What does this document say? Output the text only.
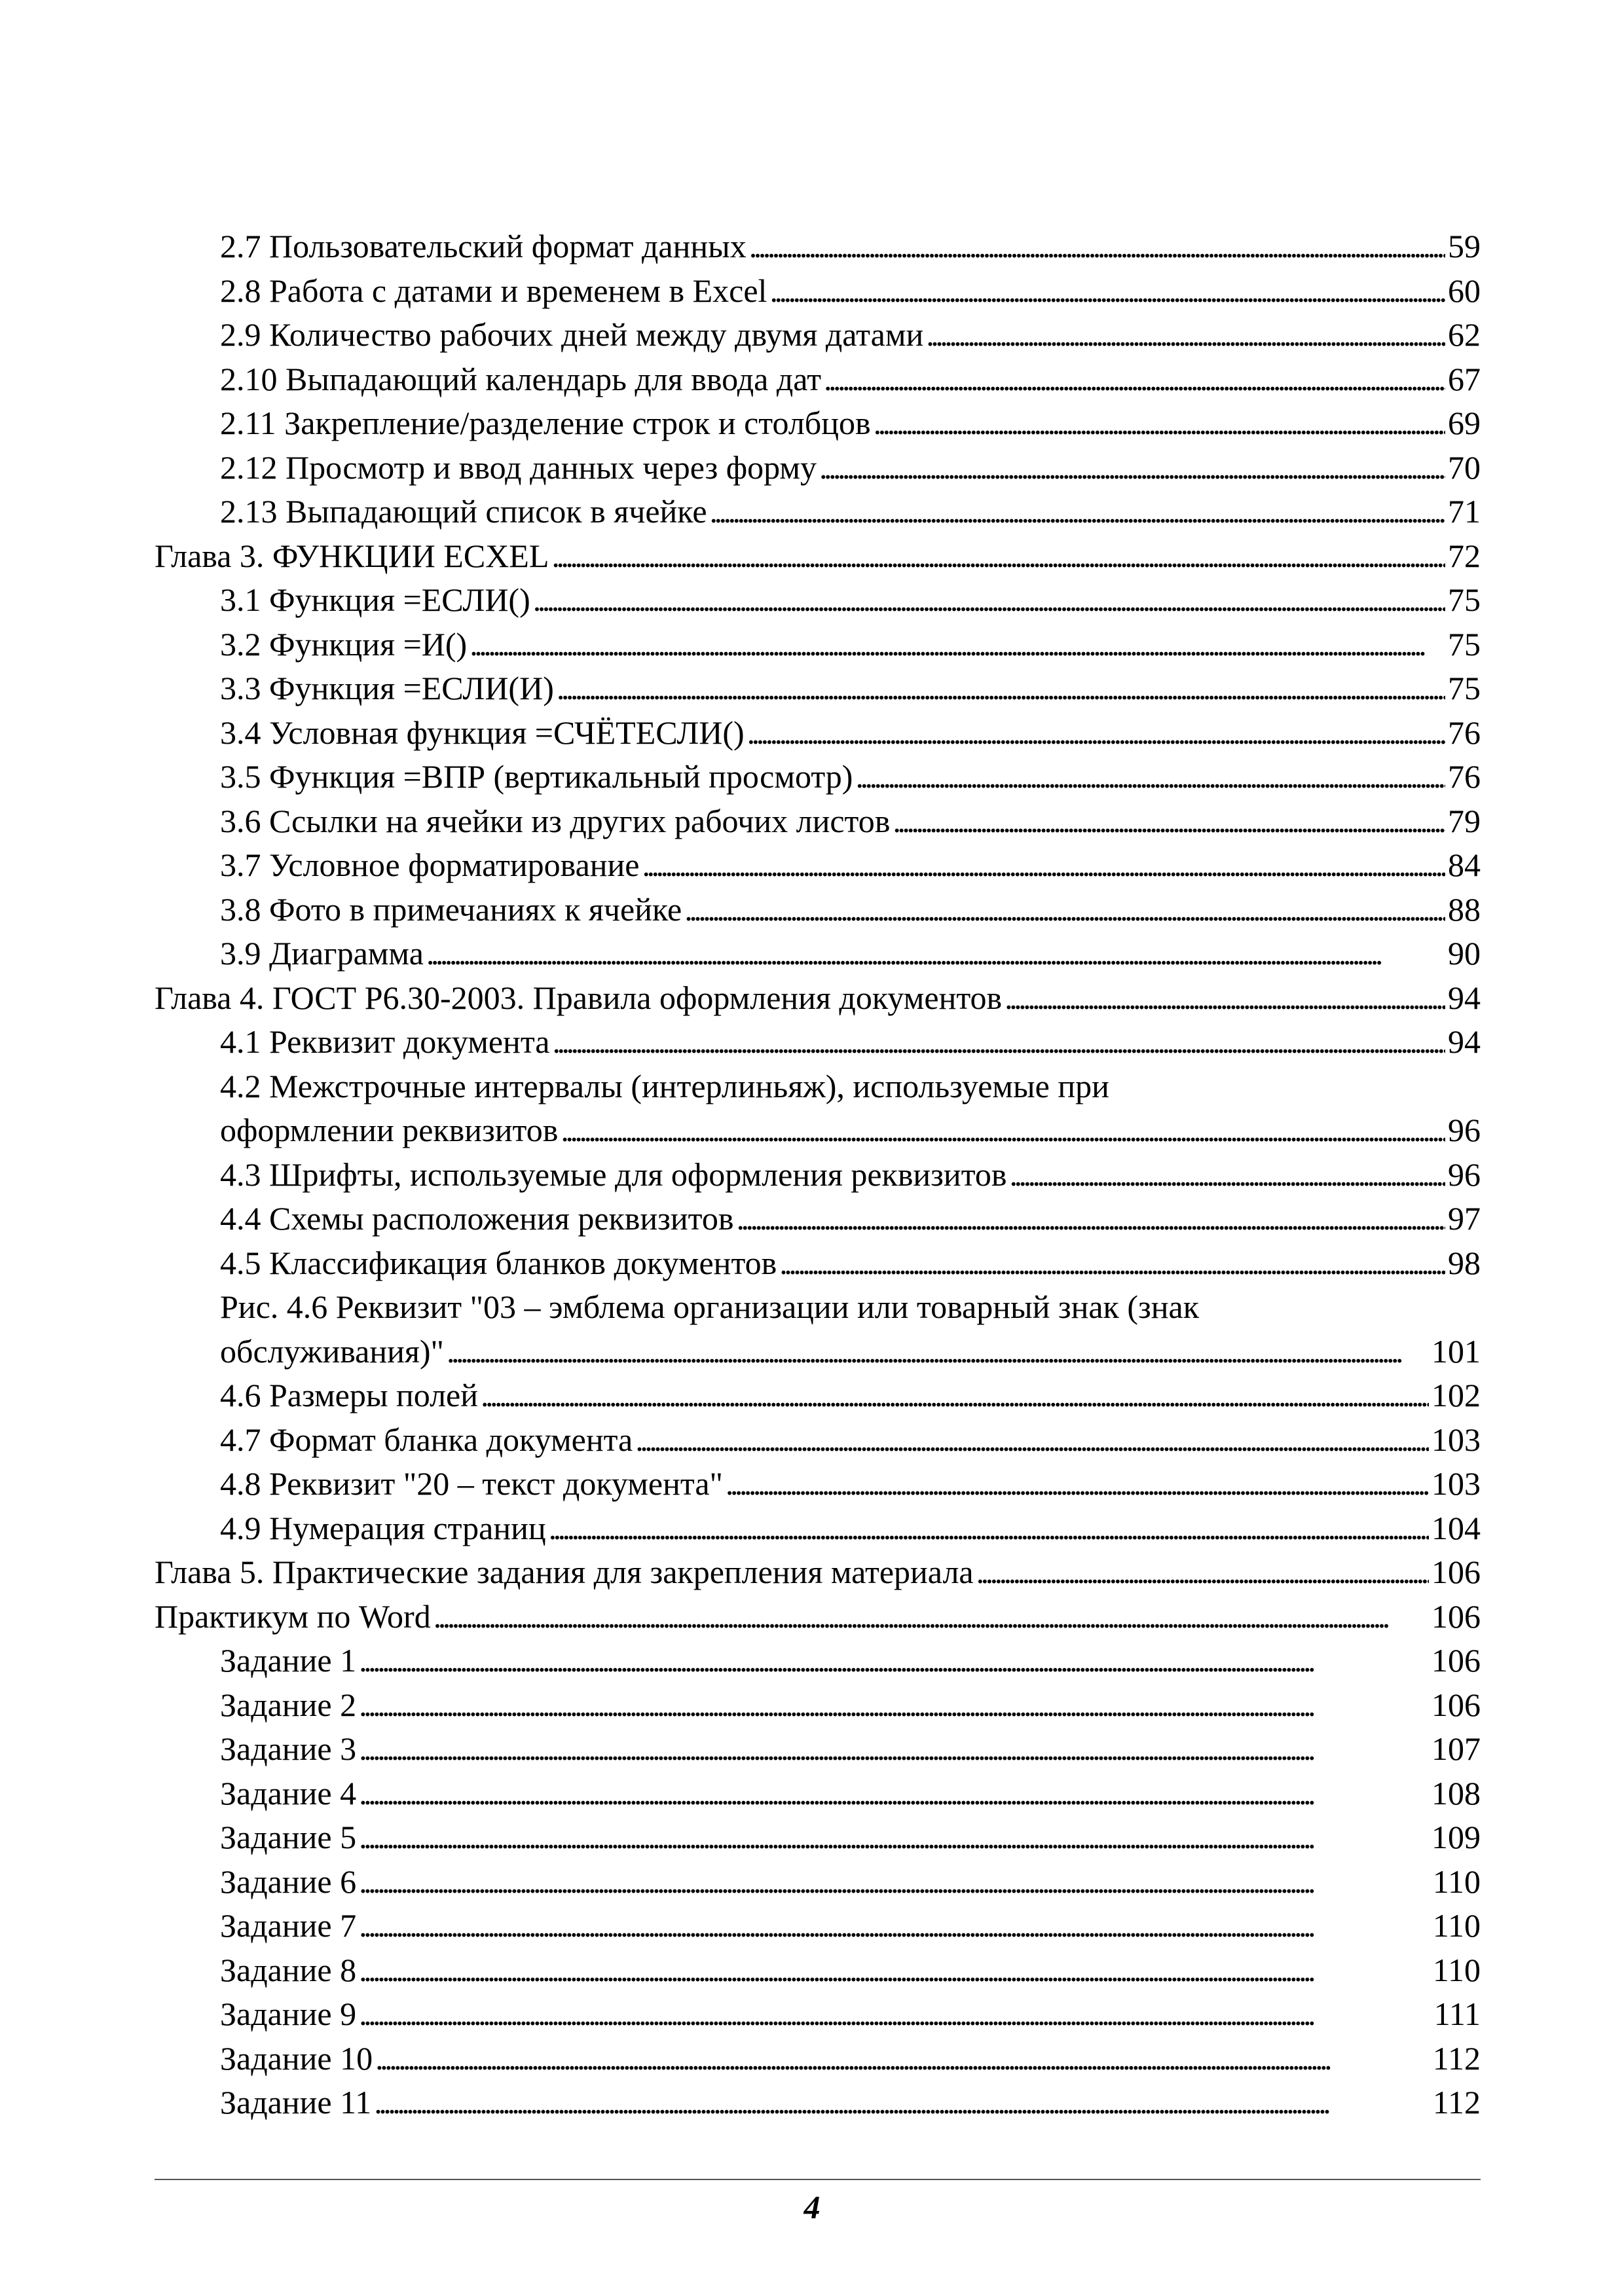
2.7 Пользовательский формат данных . . .	59
2.8 Работа с датами и временем в Excel . . .	60
2.9 Количество рабочих дней между двумя датами . . .	62
2.10 Выпадающий календарь для ввода дат . . .	67
2.11 Закрепление/разделение строк и столбцов . . .	69
2.12 Просмотр и ввод данных через форму . . .	70
2.13 Выпадающий список в ячейке . . .	71
Глава 3. ФУНКЦИИ ECXEL . . .	72
3.1 Функция =ЕСЛИ() . . .	75
3.2 Функция =И() . . .	75
3.3 Функция =ЕСЛИ(И) . . .	75
3.4 Условная функция =СЧЁТЕСЛИ() . . .	76
3.5 Функция =ВПР (вертикальный просмотр) . . .	76
3.6 Ссылки на ячейки из других рабочих листов . . .	79
3.7 Условное форматирование . . .	84
3.8 Фото в примечаниях к ячейке . . .	88
3.9 Диаграмма . . .	90
Глава 4. ГОСТ Р6.30-2003. Правила оформления документов . . .	94
4.1 Реквизит документа . . .	94
4.2 Межстрочные интервалы (интерлиньяж), используемые при
оформлении реквизитов . . .	96
4.3 Шрифты, используемые для оформления реквизитов . . .	96
4.4 Схемы расположения реквизитов . . .	97
4.5 Классификация бланков документов . . .	98
Рис. 4.6 Реквизит "03 – эмблема организации или товарный знак (знак
обслуживания)" . . .	101
4.6 Размеры полей . . .	102
4.7 Формат бланка документа . . .	103
4.8 Реквизит "20 – текст документа" . . .	103
4.9 Нумерация страниц . . .	104
Глава 5. Практические задания для закрепления материала . . .	106
Практикум по Word . . .	106
Задание 1 . . .	106
Задание 2 . . .	106
Задание 3 . . .	107
Задание 4 . . .	108
Задание 5 . . .	109
Задание 6 . . .	110
Задание 7 . . .	110
Задание 8 . . .	110
Задание 9 . . .	111
Задание 10 . . .	112
Задание 11 . . .	112
4
